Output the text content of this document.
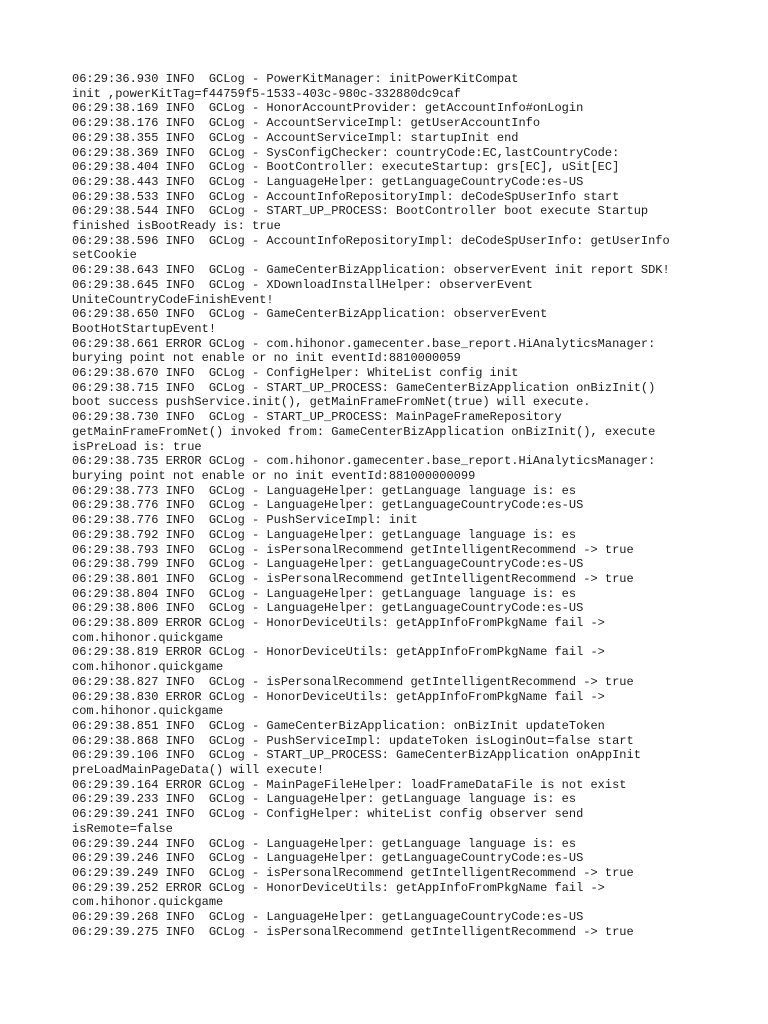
06:29:36.930 INFO  GCLog - PowerKitManager: initPowerKitCompat
init ,powerKitTag=f44759f5-1533-403c-980c-332880dc9caf
06:29:38.169 INFO  GCLog - HonorAccountProvider: getAccountInfo#onLogin
06:29:38.176 INFO  GCLog - AccountServiceImpl: getUserAccountInfo
06:29:38.355 INFO  GCLog - AccountServiceImpl: startupInit end
06:29:38.369 INFO  GCLog - SysConfigChecker: countryCode:EC,lastCountryCode:
06:29:38.404 INFO  GCLog - BootController: executeStartup: grs[EC], uSit[EC]
06:29:38.443 INFO  GCLog - LanguageHelper: getLanguageCountryCode:es-US
06:29:38.533 INFO  GCLog - AccountInfoRepositoryImpl: deCodeSpUserInfo start
06:29:38.544 INFO  GCLog - START_UP_PROCESS: BootController boot execute Startup
finished isBootReady is: true
06:29:38.596 INFO  GCLog - AccountInfoRepositoryImpl: deCodeSpUserInfo: getUserInfo
setCookie
06:29:38.643 INFO  GCLog - GameCenterBizApplication: observerEvent init report SDK!
06:29:38.645 INFO  GCLog - XDownloadInstallHelper: observerEvent
UniteCountryCodeFinishEvent!
06:29:38.650 INFO  GCLog - GameCenterBizApplication: observerEvent
BootHotStartupEvent!
06:29:38.661 ERROR GCLog - com.hihonor.gamecenter.base_report.HiAnalyticsManager:
burying point not enable or no init eventId:8810000059
06:29:38.670 INFO  GCLog - ConfigHelper: WhiteList config init
06:29:38.715 INFO  GCLog - START_UP_PROCESS: GameCenterBizApplication onBizInit()
boot success pushService.init(), getMainFrameFromNet(true) will execute.
06:29:38.730 INFO  GCLog - START_UP_PROCESS: MainPageFrameRepository
getMainFrameFromNet() invoked from: GameCenterBizApplication onBizInit(), execute
isPreLoad is: true
06:29:38.735 ERROR GCLog - com.hihonor.gamecenter.base_report.HiAnalyticsManager:
burying point not enable or no init eventId:881000000099
06:29:38.773 INFO  GCLog - LanguageHelper: getLanguage language is: es
06:29:38.776 INFO  GCLog - LanguageHelper: getLanguageCountryCode:es-US
06:29:38.776 INFO  GCLog - PushServiceImpl: init
06:29:38.792 INFO  GCLog - LanguageHelper: getLanguage language is: es
06:29:38.793 INFO  GCLog - isPersonalRecommend getIntelligentRecommend -> true
06:29:38.799 INFO  GCLog - LanguageHelper: getLanguageCountryCode:es-US
06:29:38.801 INFO  GCLog - isPersonalRecommend getIntelligentRecommend -> true
06:29:38.804 INFO  GCLog - LanguageHelper: getLanguage language is: es
06:29:38.806 INFO  GCLog - LanguageHelper: getLanguageCountryCode:es-US
06:29:38.809 ERROR GCLog - HonorDeviceUtils: getAppInfoFromPkgName fail ->
com.hihonor.quickgame
06:29:38.819 ERROR GCLog - HonorDeviceUtils: getAppInfoFromPkgName fail ->
com.hihonor.quickgame
06:29:38.827 INFO  GCLog - isPersonalRecommend getIntelligentRecommend -> true
06:29:38.830 ERROR GCLog - HonorDeviceUtils: getAppInfoFromPkgName fail ->
com.hihonor.quickgame
06:29:38.851 INFO  GCLog - GameCenterBizApplication: onBizInit updateToken
06:29:38.868 INFO  GCLog - PushServiceImpl: updateToken isLoginOut=false start
06:29:39.106 INFO  GCLog - START_UP_PROCESS: GameCenterBizApplication onAppInit
preLoadMainPageData() will execute!
06:29:39.164 ERROR GCLog - MainPageFileHelper: loadFrameDataFile is not exist
06:29:39.233 INFO  GCLog - LanguageHelper: getLanguage language is: es
06:29:39.241 INFO  GCLog - ConfigHelper: whiteList config observer send
isRemote=false
06:29:39.244 INFO  GCLog - LanguageHelper: getLanguage language is: es
06:29:39.246 INFO  GCLog - LanguageHelper: getLanguageCountryCode:es-US
06:29:39.249 INFO  GCLog - isPersonalRecommend getIntelligentRecommend -> true
06:29:39.252 ERROR GCLog - HonorDeviceUtils: getAppInfoFromPkgName fail ->
com.hihonor.quickgame
06:29:39.268 INFO  GCLog - LanguageHelper: getLanguageCountryCode:es-US
06:29:39.275 INFO  GCLog - isPersonalRecommend getIntelligentRecommend -> true
